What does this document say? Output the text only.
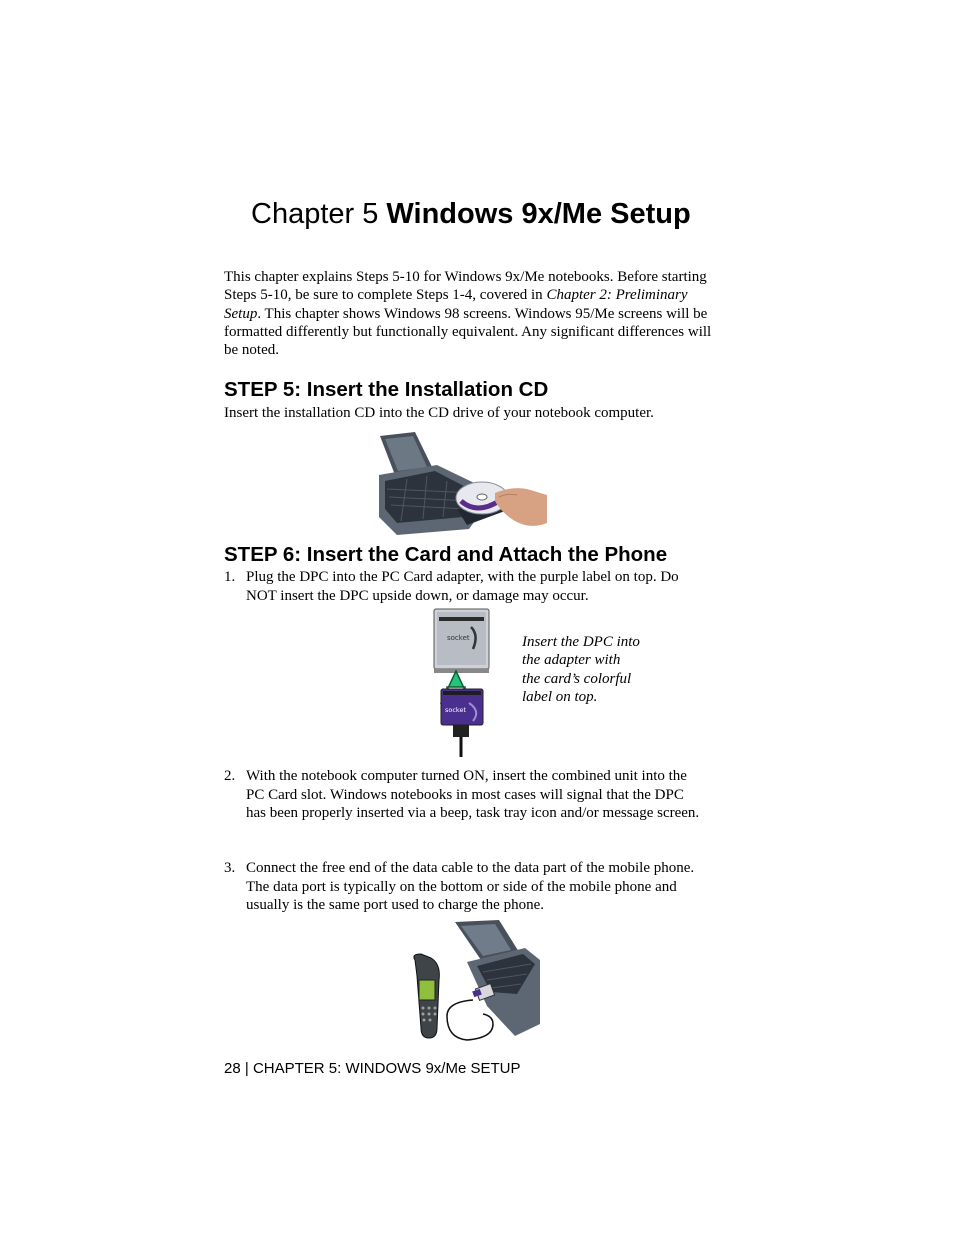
Chapter 5 Windows 9x/Me Setup
This chapter explains Steps 5-10 for Windows 9x/Me notebooks. Before starting Steps 5-10, be sure to complete Steps 1-4, covered in Chapter 2: Preliminary Setup. This chapter shows Windows 98 screens. Windows 95/Me screens will be formatted differently but functionally equivalent. Any significant differences will be noted.
STEP 5: Insert the Installation CD
Insert the installation CD into the CD drive of your notebook computer.
STEP 6: Insert the Card and Attach the Phone
1. Plug the DPC into the PC Card adapter, with the purple label on top. Do NOT insert the DPC upside down, or damage may occur.
socket
socket
Insert the DPC into the adapter with the card’s colorful label on top.
2. With the notebook computer turned ON, insert the combined unit into the PC Card slot. Windows notebooks in most cases will signal that the DPC has been properly inserted via a beep, task tray icon and/or message screen.
3. Connect the free end of the data cable to the data part of the mobile phone. The data port is typically on the bottom or side of the mobile phone and usually is the same port used to charge the phone.
28 | CHAPTER 5: WINDOWS 9x/Me SETUP
